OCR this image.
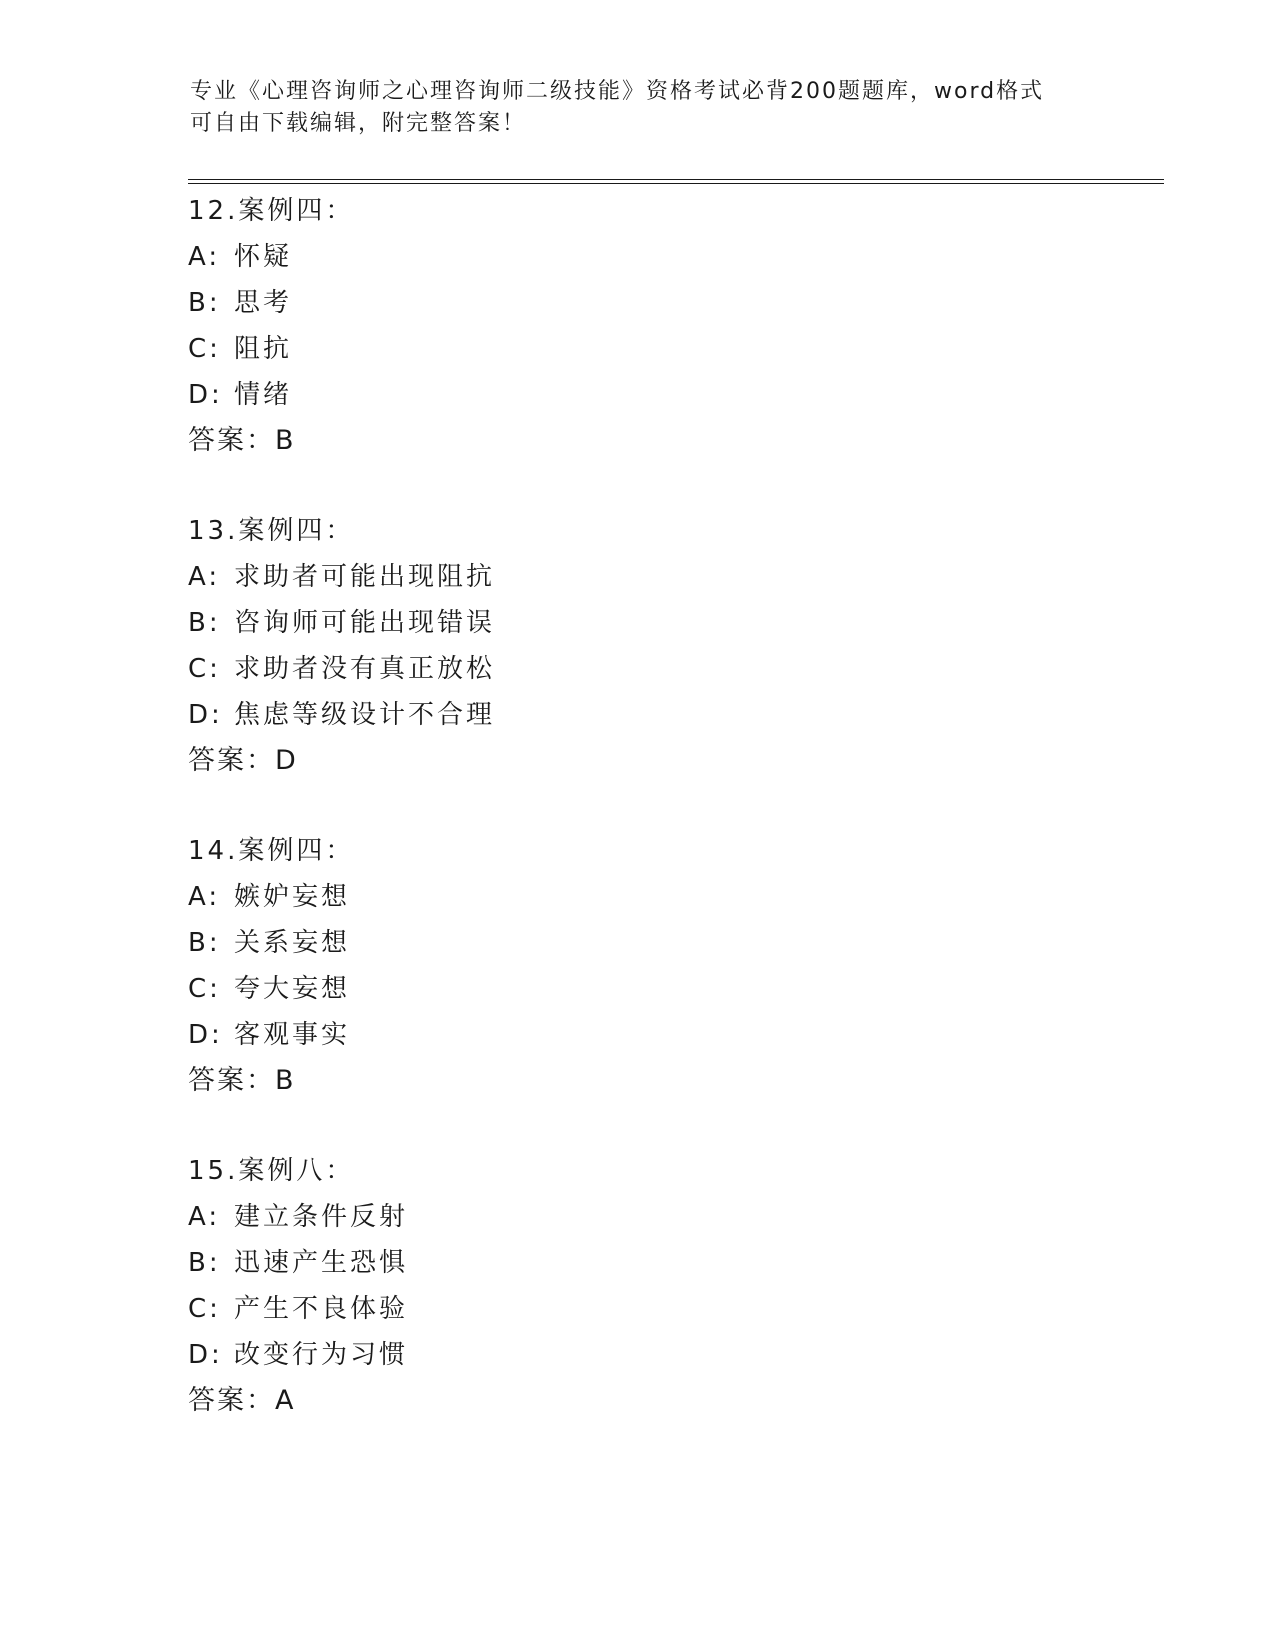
专业《心理咨询师之心理咨询师二级技能》资格考试必背200题题库，word格式
可自由下载编辑，附完整答案！
12.案例四：
A: 怀疑
B: 思考
C: 阻抗
D: 情绪
答案：B
13.案例四：
A: 求助者可能出现阻抗
B: 咨询师可能出现错误
C: 求助者没有真正放松
D: 焦虑等级设计不合理
答案：D
14.案例四：
A: 嫉妒妄想
B: 关系妄想
C: 夸大妄想
D: 客观事实
答案：B
15.案例八：
A: 建立条件反射
B: 迅速产生恐惧
C: 产生不良体验
D: 改变行为习惯
答案：A
